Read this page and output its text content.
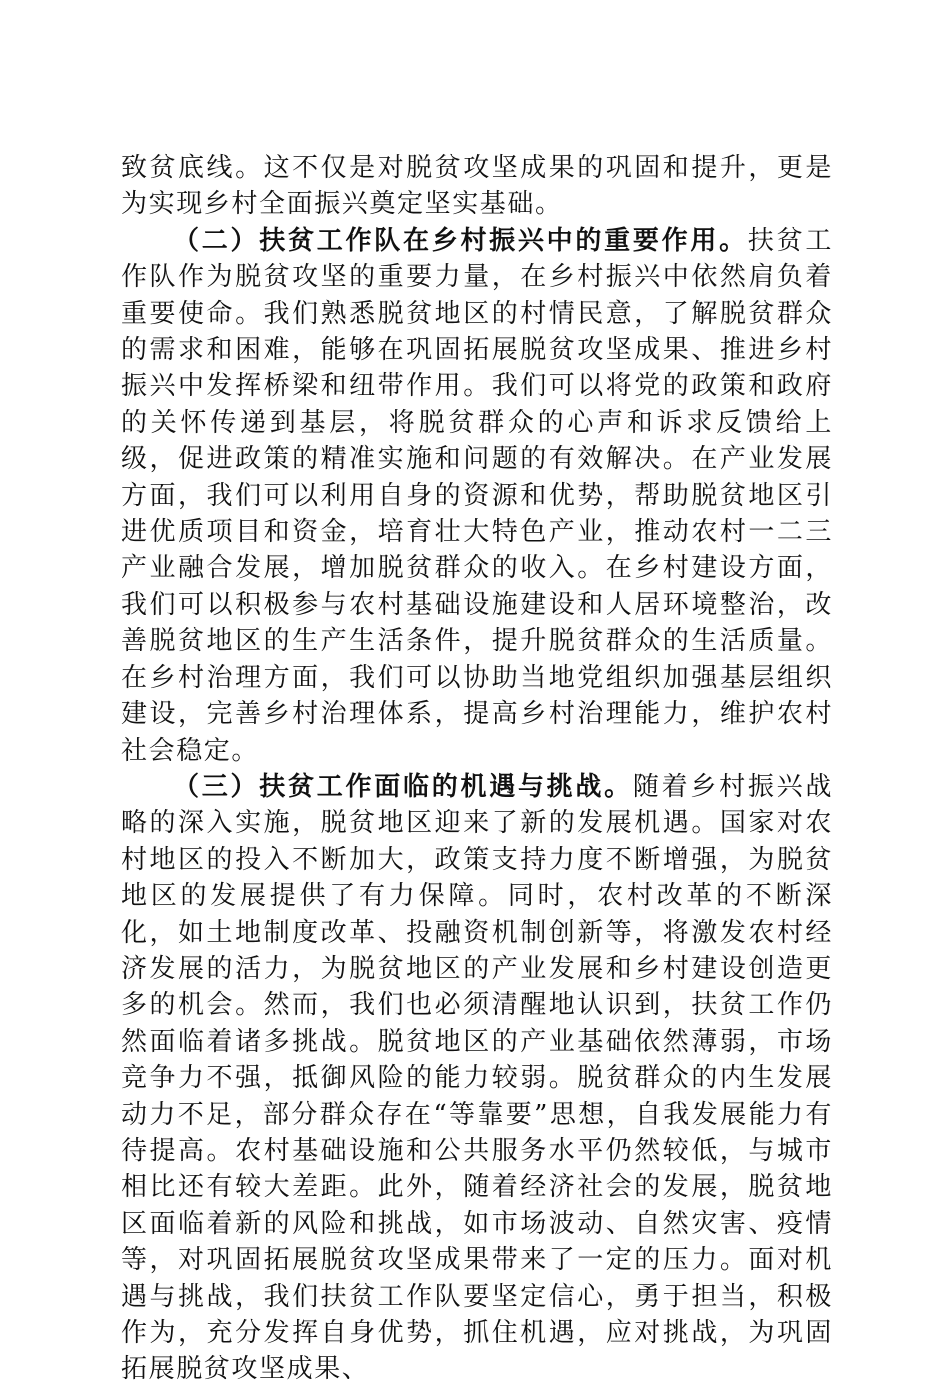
致贫底线。这不仅是对脱贫攻坚成果的巩固和提升，更是为实现乡村全面振兴奠定坚实基础。

（二）扶贫工作队在乡村振兴中的重要作用。扶贫工作队作为脱贫攻坚的重要力量，在乡村振兴中依然肩负着重要使命。我们熟悉脱贫地区的村情民意，了解脱贫群众的需求和困难，能够在巩固拓展脱贫攻坚成果、推进乡村振兴中发挥桥梁和纽带作用。我们可以将党的政策和政府的关怀传递到基层，将脱贫群众的心声和诉求反馈给上级，促进政策的精准实施和问题的有效解决。在产业发展方面，我们可以利用自身的资源和优势，帮助脱贫地区引进优质项目和资金，培育壮大特色产业，推动农村一二三产业融合发展，增加脱贫群众的收入。在乡村建设方面，我们可以积极参与农村基础设施建设和人居环境整治，改善脱贫地区的生产生活条件，提升脱贫群众的生活质量。在乡村治理方面，我们可以协助当地党组织加强基层组织建设，完善乡村治理体系，提高乡村治理能力，维护农村社会稳定。

（三）扶贫工作面临的机遇与挑战。随着乡村振兴战略的深入实施，脱贫地区迎来了新的发展机遇。国家对农村地区的投入不断加大，政策支持力度不断增强，为脱贫地区的发展提供了有力保障。同时，农村改革的不断深化，如土地制度改革、投融资机制创新等，将激发农村经济发展的活力，为脱贫地区的产业发展和乡村建设创造更多的机会。然而，我们也必须清醒地认识到，扶贫工作仍然面临着诸多挑战。脱贫地区的产业基础依然薄弱，市场竞争力不强，抵御风险的能力较弱。脱贫群众的内生发展动力不足，部分群众存在“等靠要”思想，自我发展能力有待提高。农村基础设施和公共服务水平仍然较低，与城市相比还有较大差距。此外，随着经济社会的发展，脱贫地区面临着新的风险和挑战，如市场波动、自然灾害、疫情等，对巩固拓展脱贫攻坚成果带来了一定的压力。面对机遇与挑战，我们扶贫工作队要坚定信心，勇于担当，积极作为，充分发挥自身优势，抓住机遇，应对挑战，为巩固拓展脱贫攻坚成果、
